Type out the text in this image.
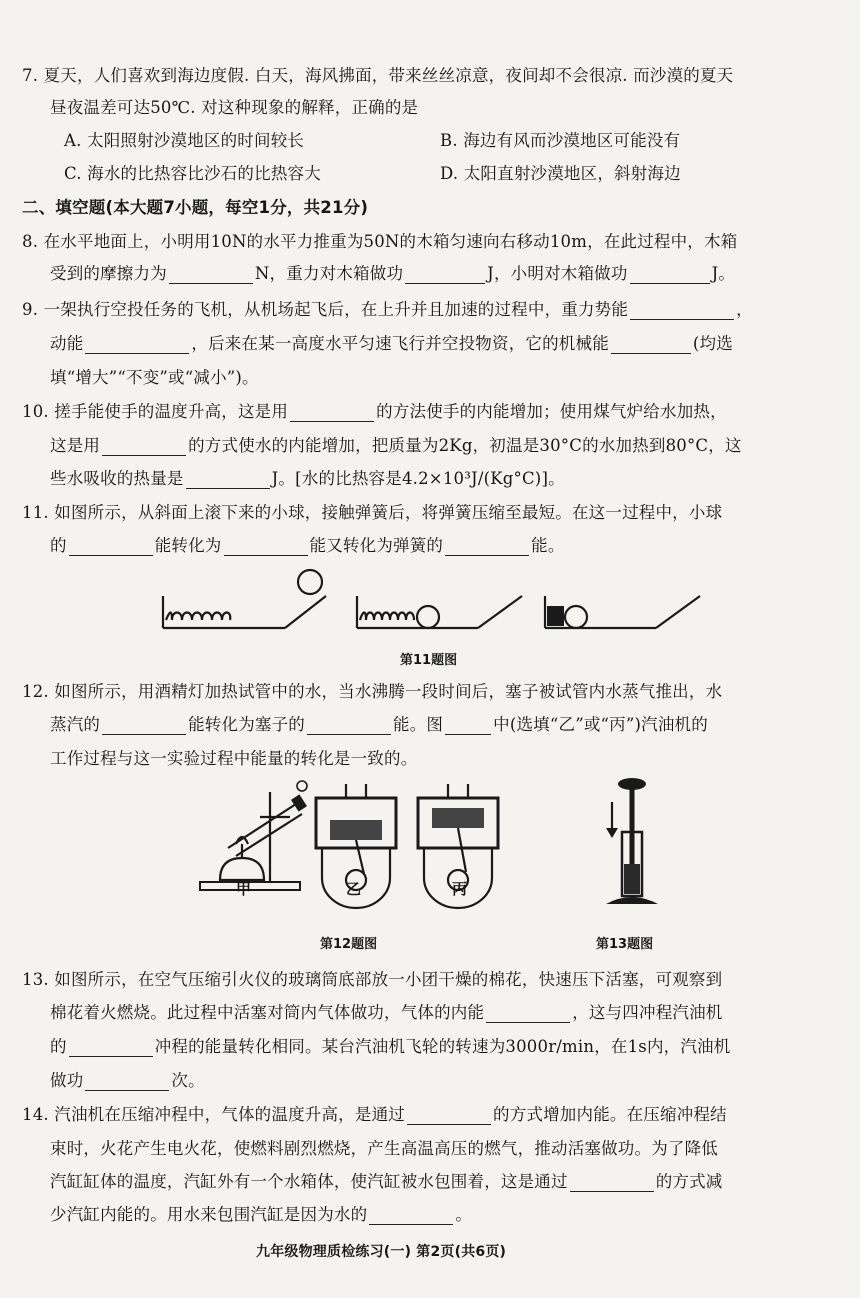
7. 夏天，人们喜欢到海边度假. 白天，海风拂面，带来丝丝凉意，夜间却不会很凉. 而沙漠的夏天
昼夜温差可达50℃. 对这种现象的解释，正确的是
A. 太阳照射沙漠地区的时间较长	B. 海边有风而沙漠地区可能没有
C. 海水的比热容比沙石的比热容大	D. 太阳直射沙漠地区，斜射海边
二、填空题(本大题7小题，每空1分，共21分)
8. 在水平地面上，小明用10N的水平力推重为50N的木箱匀速向右移动10m，在此过程中，木箱
受到的摩擦力为	N，重力对木箱做功	J，小明对木箱做功	J。
9. 一架执行空投任务的飞机，从机场起飞后，在上升并且加速的过程中，重力势能	，
动能	，后来在某一高度水平匀速飞行并空投物资，它的机械能	(均选
填“增大”“不变”或“减小”)。
10. 搓手能使手的温度升高，这是用	的方法使手的内能增加；使用煤气炉给水加热，
这是用	的方式使水的内能增加，把质量为2Kg，初温是30°C的水加热到80°C，这
些水吸收的热量是	J。[水的比热容是4.2×10³J/(Kg°C)]。
11. 如图所示，从斜面上滚下来的小球，接触弹簧后，将弹簧压缩至最短。在这一过程中，小球
的	能转化为	能又转化为弹簧的	能。
第11题图
12. 如图所示，用酒精灯加热试管中的水，当水沸腾一段时间后，塞子被试管内水蒸气推出，水
蒸汽的	能转化为塞子的	能。图	中(选填“乙”或“丙”)汽油机的
工作过程与这一实验过程中能量的转化是一致的。
甲	乙	丙
第12题图	第13题图
13. 如图所示，在空气压缩引火仪的玻璃筒底部放一小团干燥的棉花，快速压下活塞，可观察到
棉花着火燃烧。此过程中活塞对筒内气体做功，气体的内能	，这与四冲程汽油机
的	冲程的能量转化相同。某台汽油机飞轮的转速为3000r/min，在1s内，汽油机
做功	次。
14. 汽油机在压缩冲程中，气体的温度升高，是通过	的方式增加内能。在压缩冲程结
束时，火花产生电火花，使燃料剧烈燃烧，产生高温高压的燃气，推动活塞做功。为了降低
汽缸缸体的温度，汽缸外有一个水箱体，使汽缸被水包围着，这是通过	的方式减
少汽缸内能的。用水来包围汽缸是因为水的	。
九年级物理质检练习(一) 第2页(共6页)
